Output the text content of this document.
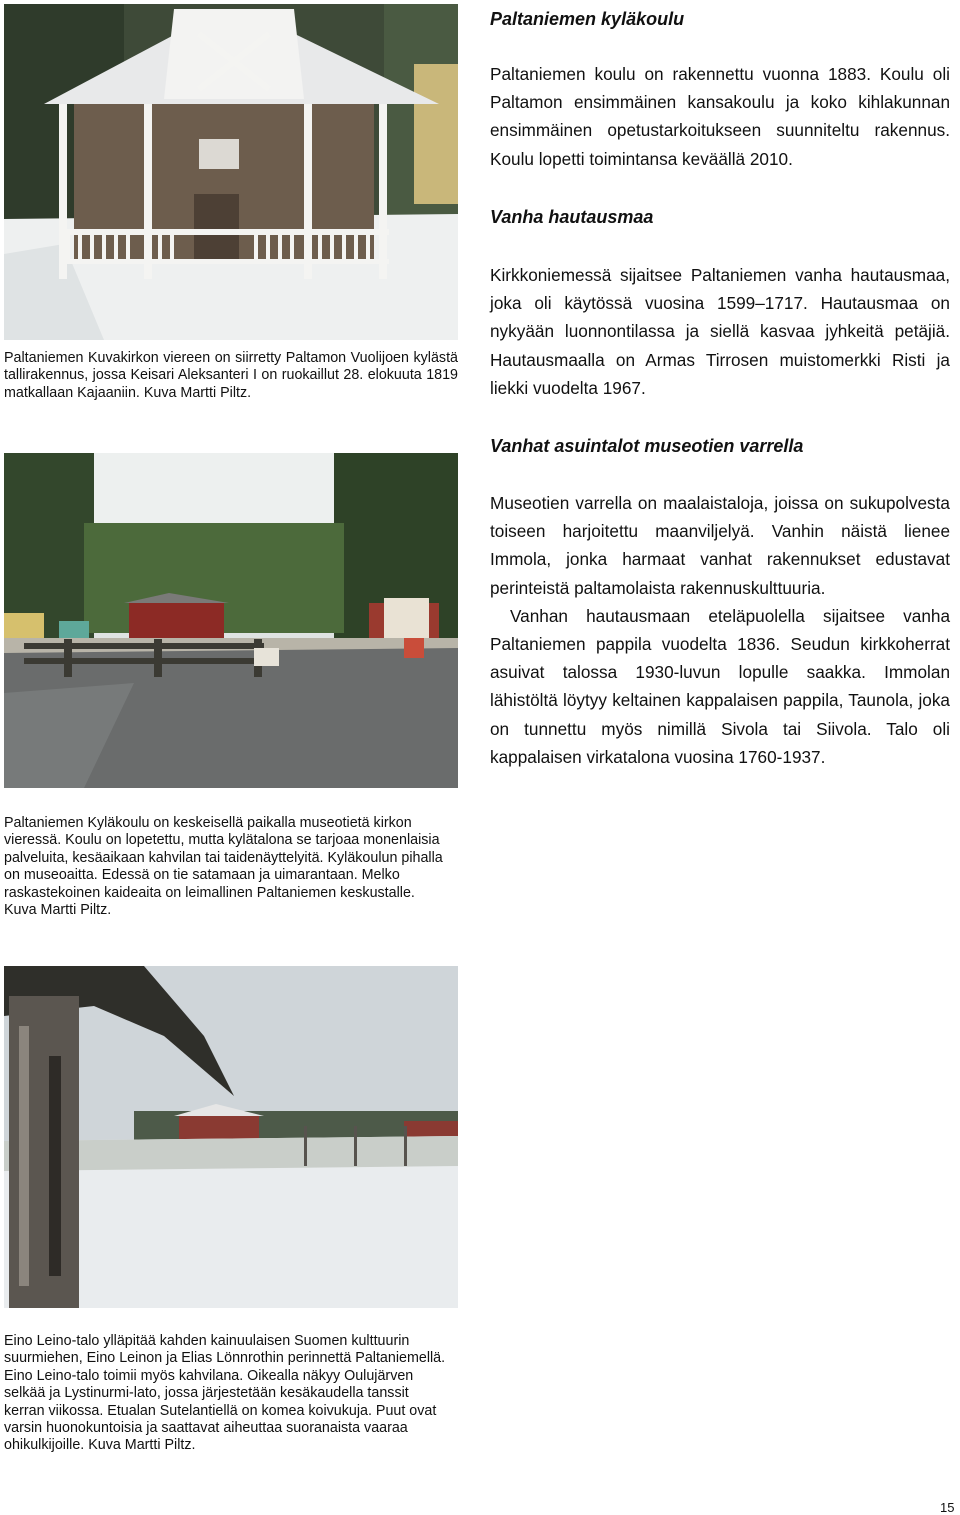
Paltaniemen Kuvakirkon viereen on siirretty Paltamon Vuolijoen kylästä tallirakennus, jossa Keisari Aleksanteri I on ruokaillut 28. elokuuta 1819 matkallaan Kajaaniin. Kuva Martti Piltz.
Paltaniemen Kyläkoulu on keskeisellä paikalla museotietä kirkon vieressä. Koulu on lopetettu, mutta kylätalona se tarjoaa monenlaisia palveluita, kesäaikaan kahvilan tai taidenäyttelyitä. Kyläkoulun pihalla on museoaitta. Edessä on tie satamaan ja uimarantaan. Melko raskastekoinen kaideaita on leimallinen Paltaniemen keskustalle. Kuva Martti Piltz.
Eino Leino-talo ylläpitää kahden kainuulaisen Suomen kulttuurin suurmiehen, Eino Leinon ja Elias Lönnrothin perinnettä Paltaniemellä. Eino Leino-talo toimii myös kahvilana. Oikealla näkyy Oulujärven selkää ja Lystinurmi-lato, jossa järjestetään kesäkaudella tanssit kerran viikossa. Etualan Sutelantiellä on komea koivukuja. Puut ovat varsin huonokuntoisia ja saattavat aiheuttaa suoranaista vaaraa ohikulkijoille. Kuva Martti Piltz.
Paltaniemen kyläkoulu

Paltaniemen koulu on rakennettu vuonna 1883. Koulu oli Paltamon ensimmäinen kansakoulu ja koko kihlakunnan ensimmäinen opetustarkoitukseen suunniteltu rakennus. Koulu lopetti toimintansa keväällä 2010.

Vanha hautausmaa

Kirkkoniemessä sijaitsee Paltaniemen vanha hautausmaa, joka oli käytössä vuosina 1599–1717. Hautausmaa on nykyään luonnontilassa ja siellä kasvaa jyhkeitä petäjiä. Hautausmaalla on Armas Tirrosen muistomerkki Risti ja liekki vuodelta 1967.

Vanhat asuintalot museotien varrella

Museotien varrella on maalaistaloja, joissa on sukupolvesta toiseen harjoitettu maanviljelyä. Vanhin näistä lienee Immola, jonka harmaat vanhat rakennukset edustavat perinteistä paltamolaista rakennuskulttuuria.

Vanhan hautausmaan eteläpuolella sijaitsee vanha Paltaniemen pappila vuodelta 1836. Seudun kirkkoherrat asuivat talossa 1930-luvun lopulle saakka. Immolan lähistöltä löytyy keltainen kappalaisen pappila, Taunola, joka on tunnettu myös nimillä Sivola tai Siivola. Talo oli kappalaisen virkatalona vuosina 1760-1937.

15
